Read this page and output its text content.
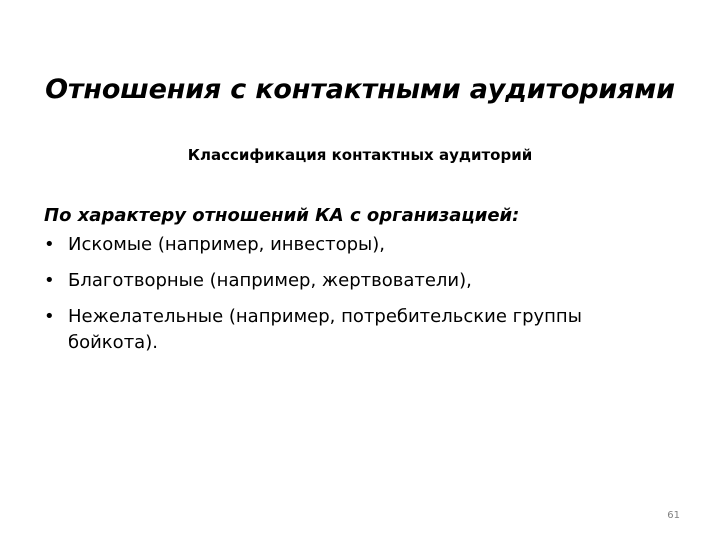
Отношения с контактными аудиториями
Классификация контактных аудиторий
По характеру отношений КА с организацией:
• Искомые (например, инвесторы),
• Благотворные (например, жертвователи),
• Нежелательные (например, потребительские группы бойкота).
61
